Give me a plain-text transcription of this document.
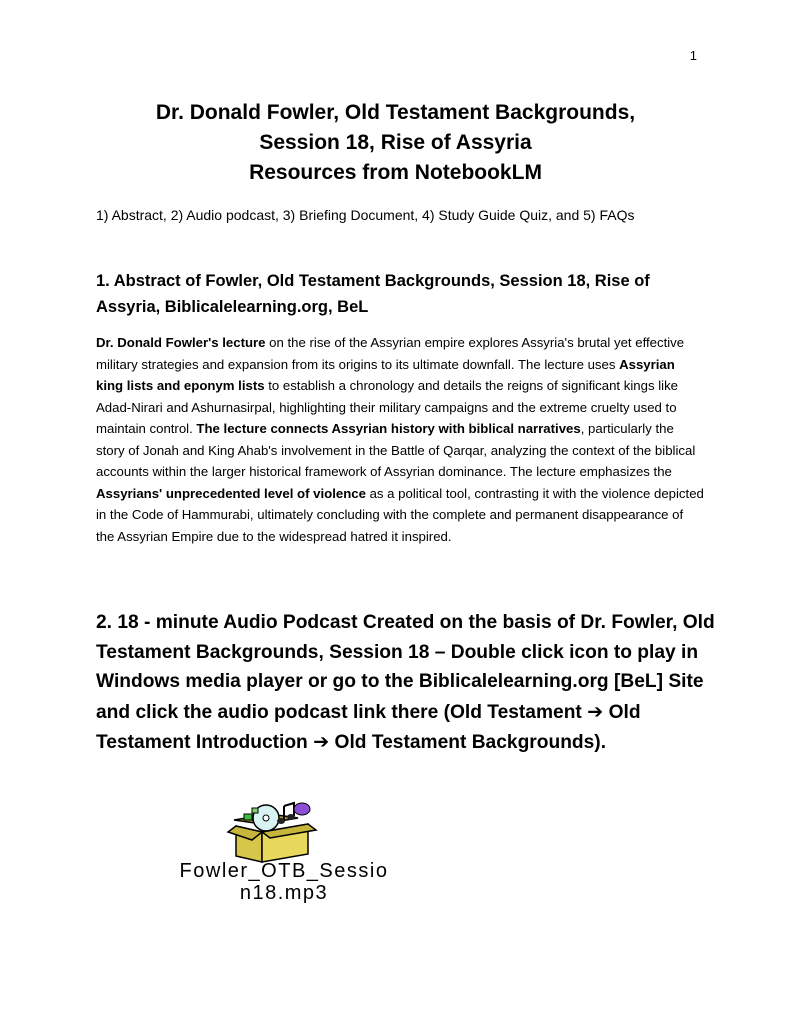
1
Dr. Donald Fowler, Old Testament Backgrounds,
Session 18, Rise of Assyria
Resources from NotebookLM
1) Abstract, 2) Audio podcast, 3) Briefing Document, 4) Study Guide Quiz, and 5) FAQs
1. Abstract of Fowler, Old Testament Backgrounds, Session 18, Rise of Assyria, Biblicalelearning.org, BeL
Dr. Donald Fowler's lecture on the rise of the Assyrian empire explores Assyria's brutal yet effective military strategies and expansion from its origins to its ultimate downfall. The lecture uses Assyrian king lists and eponym lists to establish a chronology and details the reigns of significant kings like Adad-Nirari and Ashurnasirpal, highlighting their military campaigns and the extreme cruelty used to maintain control. The lecture connects Assyrian history with biblical narratives, particularly the story of Jonah and King Ahab's involvement in the Battle of Qarqar, analyzing the context of the biblical accounts within the larger historical framework of Assyrian dominance. The lecture emphasizes the Assyrians' unprecedented level of violence as a political tool, contrasting it with the violence depicted in the Code of Hammurabi, ultimately concluding with the complete and permanent disappearance of the Assyrian Empire due to the widespread hatred it inspired.
2. 18 - minute Audio Podcast Created on the basis of Dr. Fowler, Old Testament Backgrounds, Session 18 – Double click icon to play in Windows media player or go to the Biblicalelearning.org [BeL] Site and click the audio podcast link there (Old Testament ➔ Old Testament Introduction ➔ Old Testament Backgrounds).
Fowler_OTB_Sessio
n18.mp3
